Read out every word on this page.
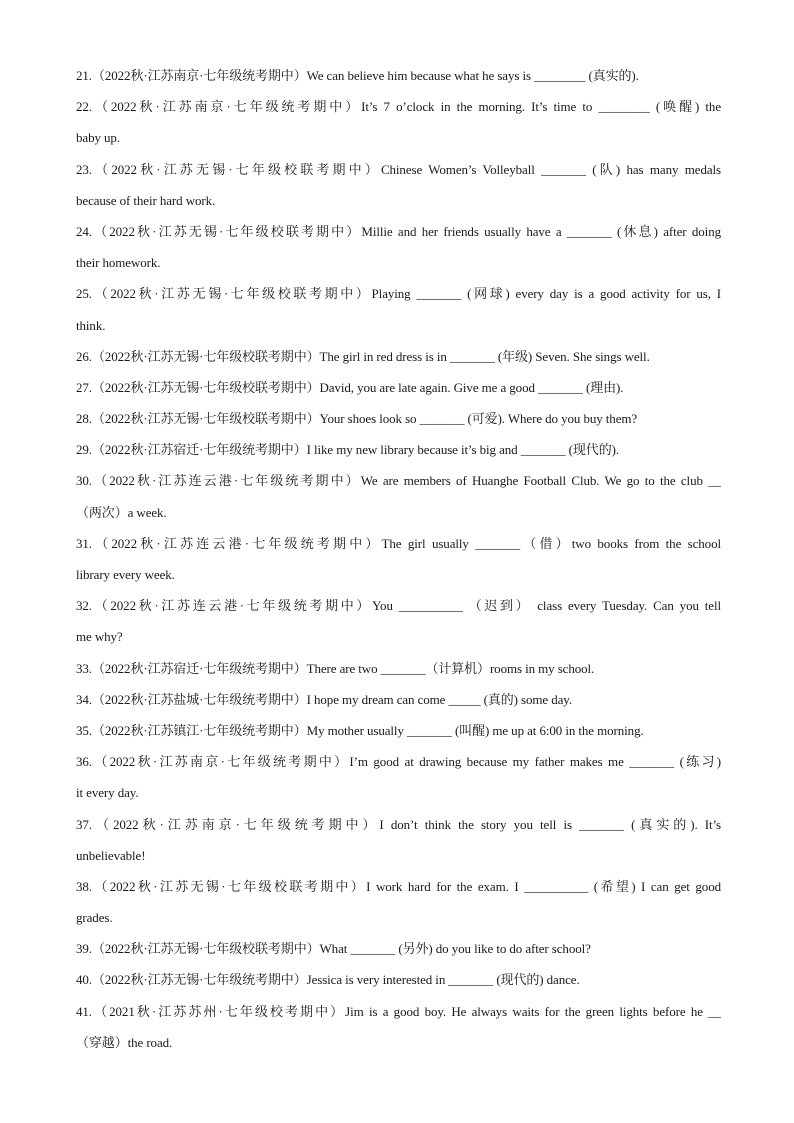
21.（2022秋·江苏南京·七年级统考期中）We can believe him because what he says is ________ (真实的).
22.（2022秋·江苏南京·七年级统考期中）It’s 7 o’clock in the morning. It’s time to ________ (唤醒) the
baby up.
23.（2022秋·江苏无锡·七年级校联考期中）Chinese Women’s Volleyball _______ (队) has many medals
because of their hard work.
24.（2022秋·江苏无锡·七年级校联考期中）Millie and her friends usually have a _______ (休息) after doing
their homework.
25.（2022秋·江苏无锡·七年级校联考期中）Playing _______ (网球) every day is a good activity for us, I
think.
26.（2022秋·江苏无锡·七年级校联考期中）The girl in red dress is in _______ (年级) Seven. She sings well.
27.（2022秋·江苏无锡·七年级校联考期中）David, you are late again. Give me a good _______ (理由).
28.（2022秋·江苏无锡·七年级校联考期中）Your shoes look so _______ (可爱). Where do you buy them?
29.（2022秋·江苏宿迁·七年级统考期中）I like my new library because it’s big and _______ (现代的).
30.（2022秋·江苏连云港·七年级统考期中）We are members of Huanghe Football Club. We go to the club __
（两次）a week.
31.（2022秋·江苏连云港·七年级统考期中）The girl usually _______（借）two books from the school
library every week.
32.（2022秋·江苏连云港·七年级统考期中）You __________ （迟到） class every Tuesday. Can you tell
me why?
33.（2022秋·江苏宿迁·七年级统考期中）There are two _______（计算机）rooms in my school.
34.（2022秋·江苏盐城·七年级统考期中）I hope my dream can come _____ (真的) some day.
35.（2022秋·江苏镇江·七年级统考期中）My mother usually _______ (叫醒) me up at 6:00 in the morning.
36.（2022秋·江苏南京·七年级统考期中）I’m good at drawing because my father makes me _______ (练习)
it every day.
37.（2022秋·江苏南京·七年级统考期中）I don’t think the story you tell is _______ (真实的). It’s
unbelievable!
38.（2022秋·江苏无锡·七年级校联考期中）I work hard for the exam. I __________ (希望) I can get good
grades.
39.（2022秋·江苏无锡·七年级校联考期中）What _______ (另外) do you like to do after school?
40.（2022秋·江苏无锡·七年级统考期中）Jessica is very interested in _______ (现代的) dance.
41.（2021秋·江苏苏州·七年级校考期中）Jim is a good boy. He always waits for the green lights before he __
（穿越）the road.
